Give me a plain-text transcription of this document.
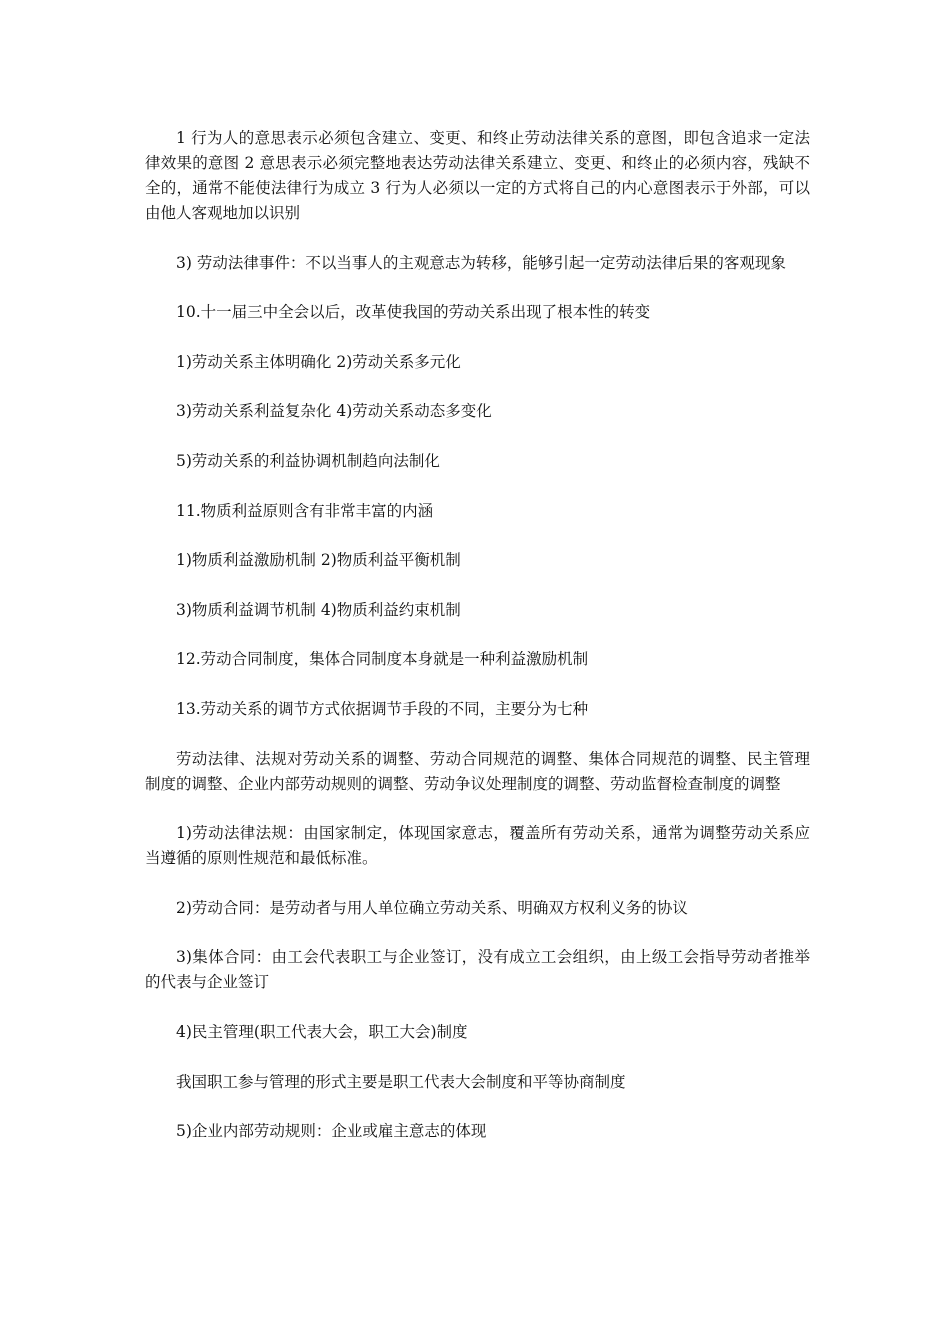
1 行为人的意思表示必须包含建立、变更、和终止劳动法律关系的意图，即包含追求一定法律效果的意图 2 意思表示必须完整地表达劳动法律关系建立、变更、和终止的必须内容，残缺不全的，通常不能使法律行为成立 3 行为人必须以一定的方式将自己的内心意图表示于外部，可以由他人客观地加以识别

3) 劳动法律事件：不以当事人的主观意志为转移，能够引起一定劳动法律后果的客观现象

10.十一届三中全会以后，改革使我国的劳动关系出现了根本性的转变

1)劳动关系主体明确化 2)劳动关系多元化

3)劳动关系利益复杂化 4)劳动关系动态多变化

5)劳动关系的利益协调机制趋向法制化

11.物质利益原则含有非常丰富的内涵

1)物质利益激励机制 2)物质利益平衡机制

3)物质利益调节机制 4)物质利益约束机制

12.劳动合同制度，集体合同制度本身就是一种利益激励机制

13.劳动关系的调节方式依据调节手段的不同，主要分为七种

劳动法律、法规对劳动关系的调整、劳动合同规范的调整、集体合同规范的调整、民主管理制度的调整、企业内部劳动规则的调整、劳动争议处理制度的调整、劳动监督检查制度的调整

1)劳动法律法规：由国家制定，体现国家意志，覆盖所有劳动关系，通常为调整劳动关系应当遵循的原则性规范和最低标准。

2)劳动合同：是劳动者与用人单位确立劳动关系、明确双方权利义务的协议

3)集体合同：由工会代表职工与企业签订，没有成立工会组织，由上级工会指导劳动者推举的代表与企业签订

4)民主管理(职工代表大会，职工大会)制度

我国职工参与管理的形式主要是职工代表大会制度和平等协商制度

5)企业内部劳动规则：企业或雇主意志的体现
